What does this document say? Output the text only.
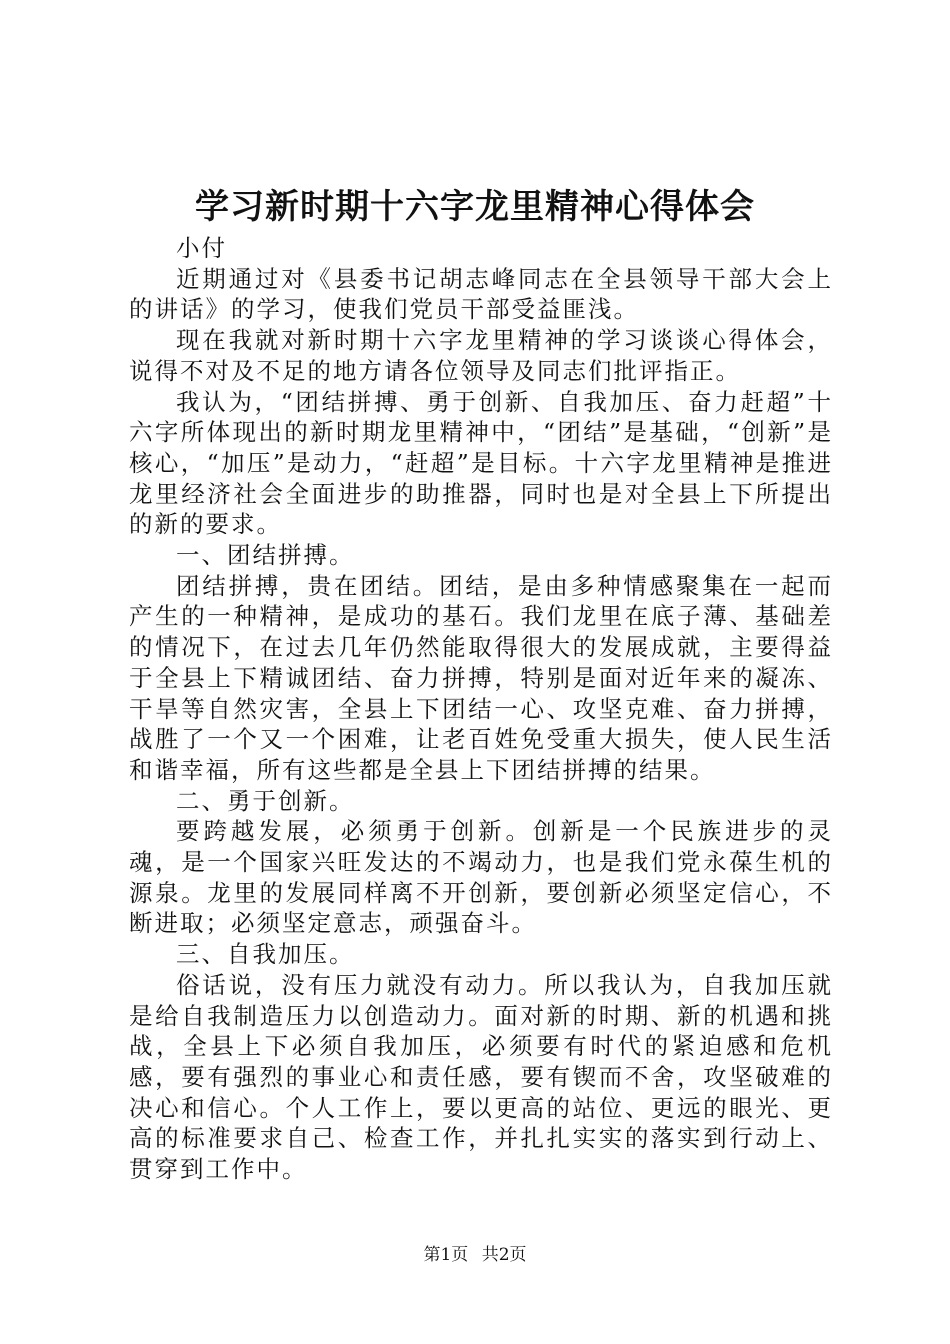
学习新时期十六字龙里精神心得体会

小付

近期通过对《县委书记胡志峰同志在全县领导干部大会上的讲话》的学习，使我们党员干部受益匪浅。

现在我就对新时期十六字龙里精神的学习谈谈心得体会，说得不对及不足的地方请各位领导及同志们批评指正。

我认为，“团结拼搏、勇于创新、自我加压、奋力赶超”十六字所体现出的新时期龙里精神中，“团结”是基础，“创新”是核心，“加压”是动力，“赶超”是目标。十六字龙里精神是推进龙里经济社会全面进步的助推器，同时也是对全县上下所提出的新的要求。

一、团结拼搏。

团结拼搏，贵在团结。团结，是由多种情感聚集在一起而产生的一种精神，是成功的基石。我们龙里在底子薄、基础差的情况下，在过去几年仍然能取得很大的发展成就，主要得益于全县上下精诚团结、奋力拼搏，特别是面对近年来的凝冻、干旱等自然灾害，全县上下团结一心、攻坚克难、奋力拼搏，战胜了一个又一个困难，让老百姓免受重大损失，使人民生活和谐幸福，所有这些都是全县上下团结拼搏的结果。

二、勇于创新。

要跨越发展，必须勇于创新。创新是一个民族进步的灵魂，是一个国家兴旺发达的不竭动力，也是我们党永葆生机的源泉。龙里的发展同样离不开创新，要创新必须坚定信心，不断进取；必须坚定意志，顽强奋斗。

三、自我加压。

俗话说，没有压力就没有动力。所以我认为，自我加压就是给自我制造压力以创造动力。面对新的时期、新的机遇和挑战，全县上下必须自我加压，必须要有时代的紧迫感和危机感，要有强烈的事业心和责任感，要有锲而不舍，攻坚破难的决心和信心。个人工作上，要以更高的站位、更远的眼光、更高的标准要求自己、检查工作，并扎扎实实的落实到行动上、贯穿到工作中。

第1页 共2页
